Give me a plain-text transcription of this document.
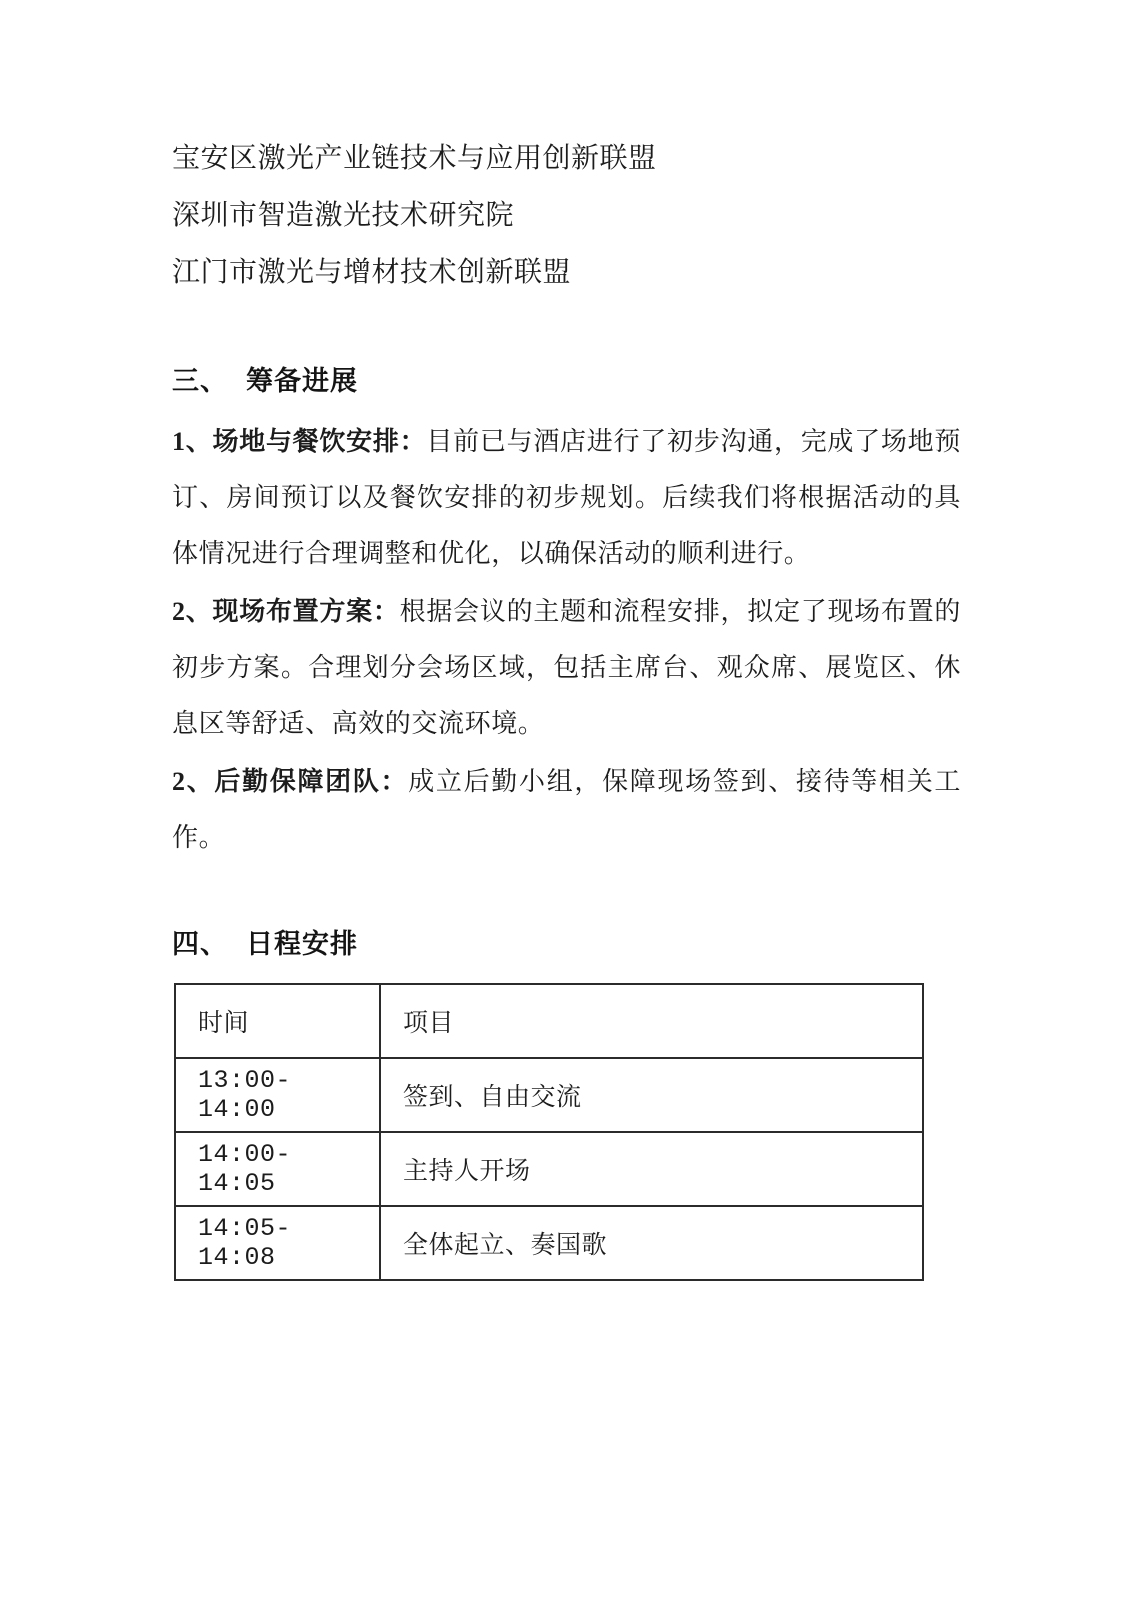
宝安区激光产业链技术与应用创新联盟
深圳市智造激光技术研究院
江门市激光与增材技术创新联盟
三、 筹备进展

1、场地与餐饮安排：目前已与酒店进行了初步沟通，完成了场地预订、房间预订以及餐饮安排的初步规划。后续我们将根据活动的具体情况进行合理调整和优化，以确保活动的顺利进行。

2、现场布置方案：根据会议的主题和流程安排，拟定了现场布置的初步方案。合理划分会场区域，包括主席台、观众席、展览区、休息区等舒适、高效的交流环境。

2、后勤保障团队：成立后勤小组，保障现场签到、接待等相关工作。

四、 日程安排
时间	项目
13:00-14:00	签到、自由交流
14:00-14:05	主持人开场
14:05-14:08	全体起立、奏国歌
